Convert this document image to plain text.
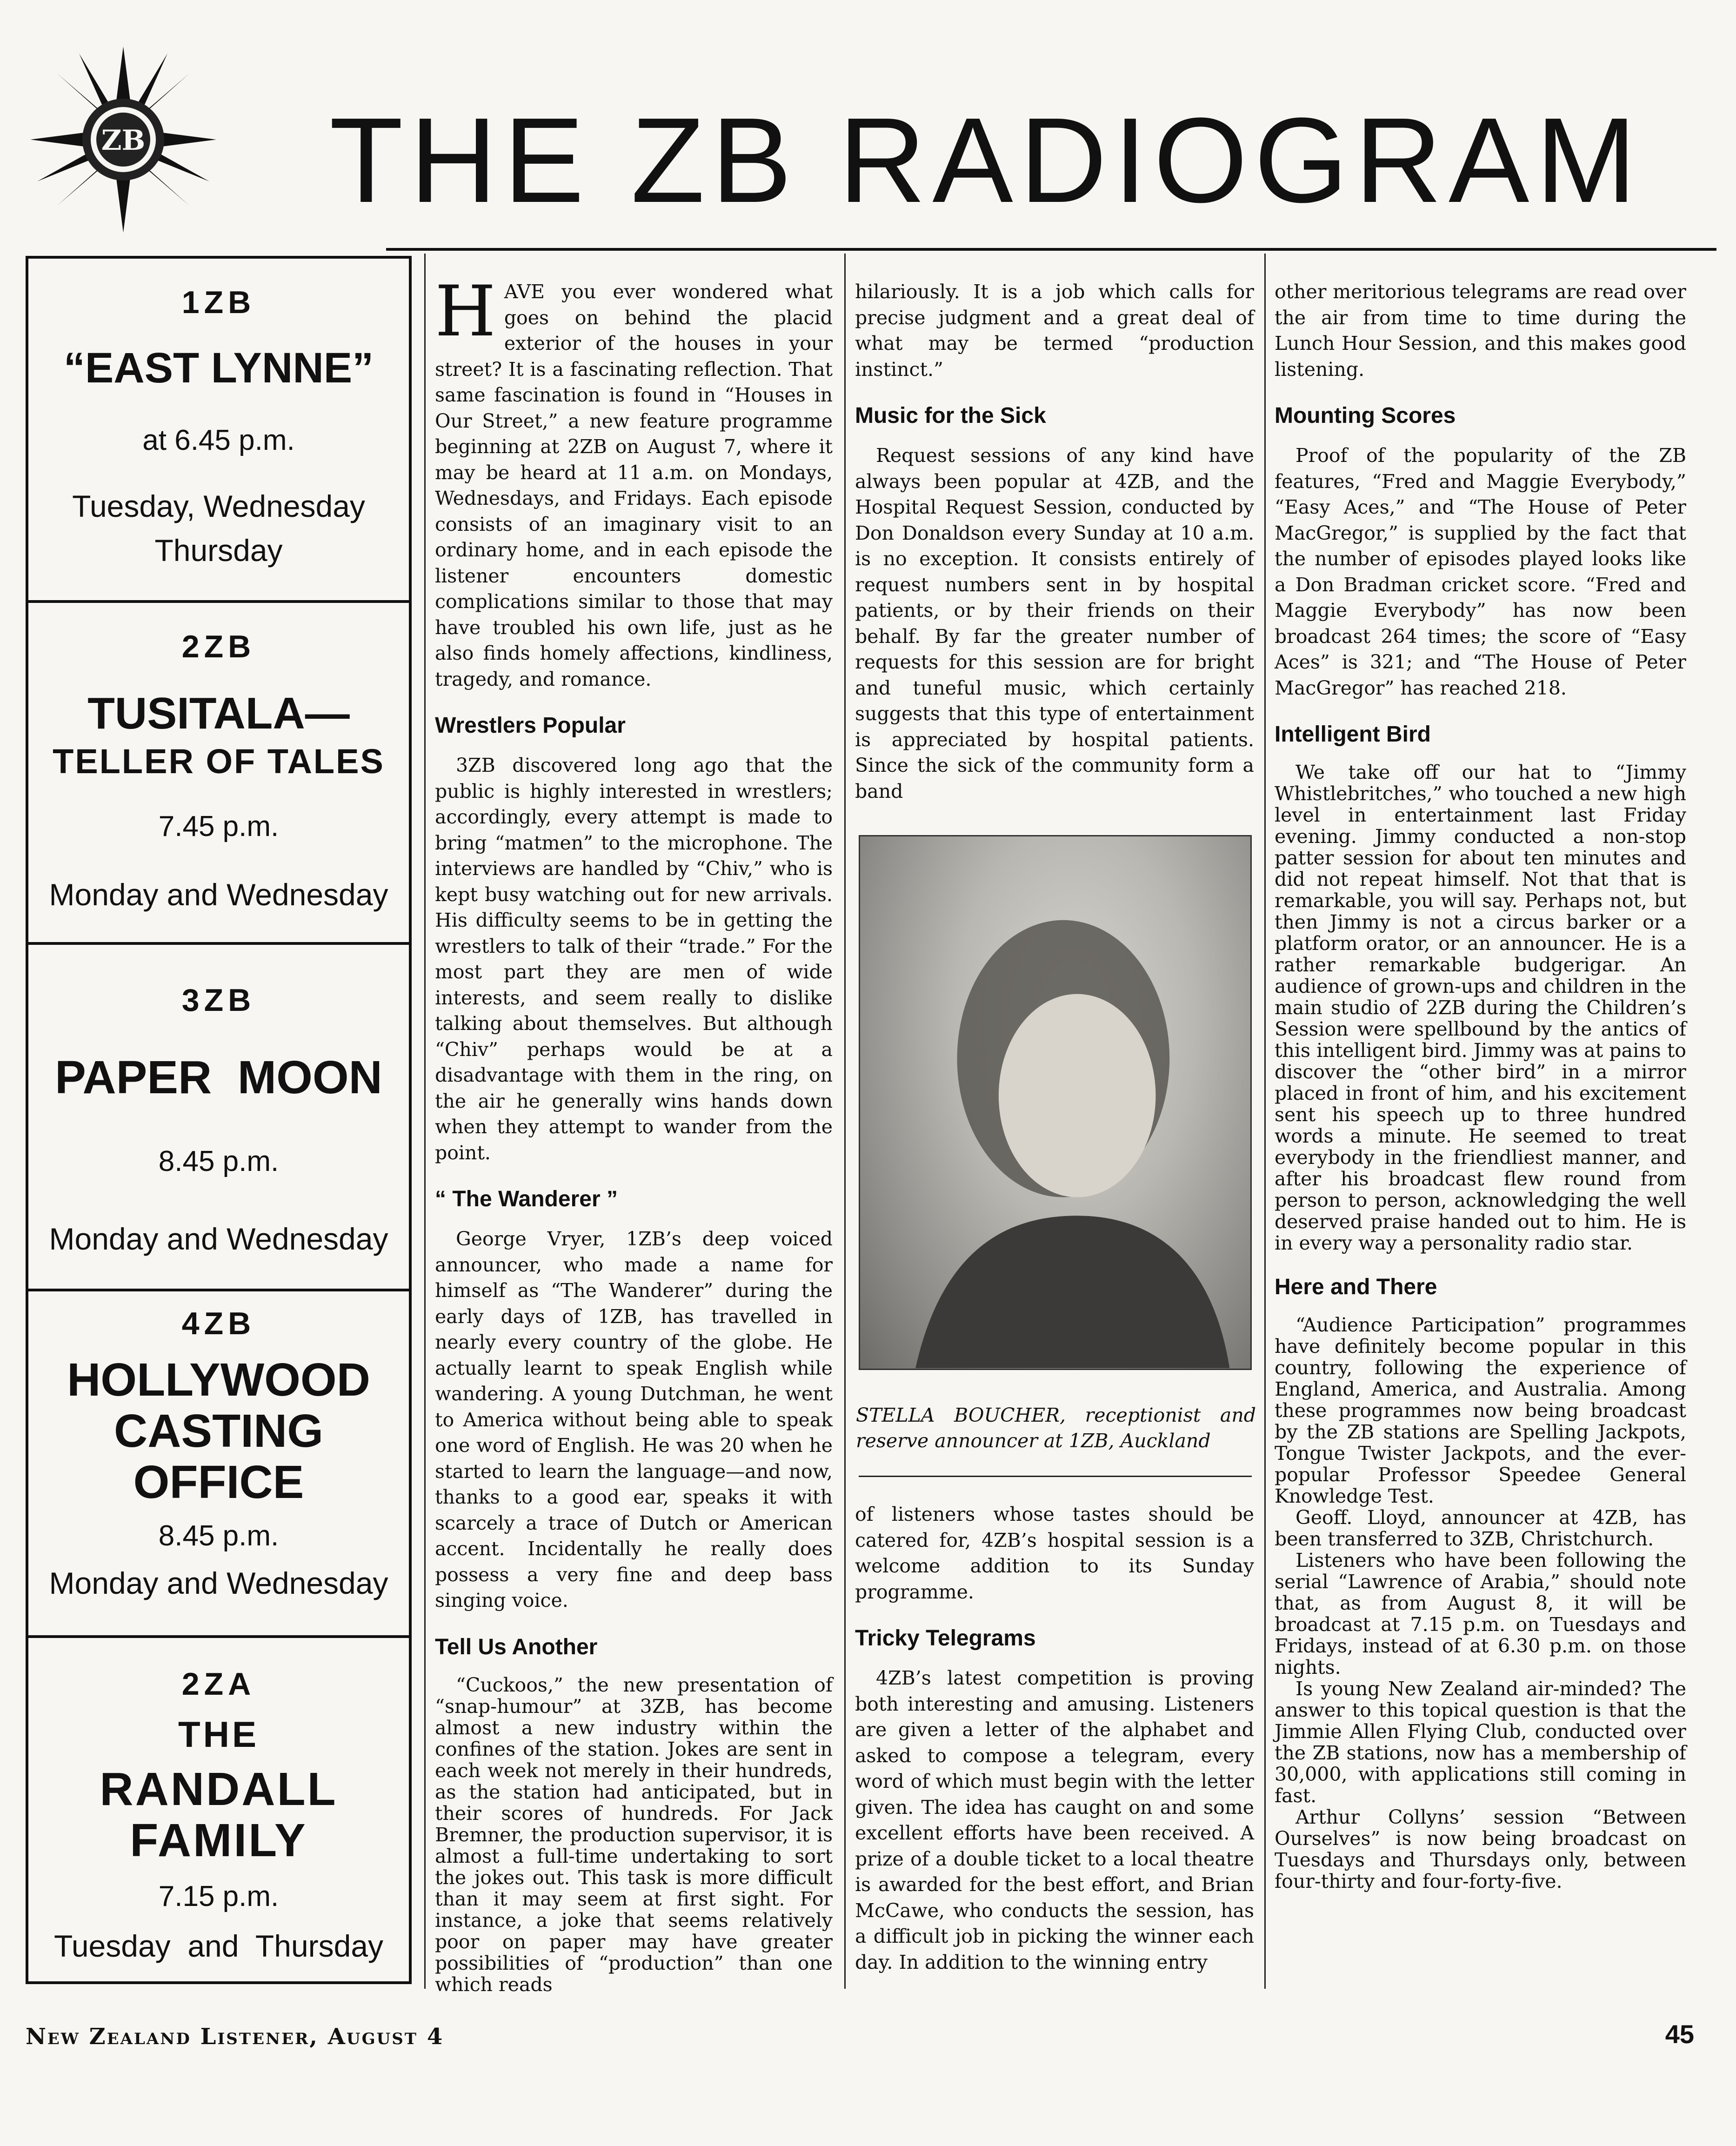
ZB	THE ZB RADIOGRAM
1ZB
“EAST LYNNE”
at 6.45 p.m.
Tuesday, Wednesday
Thursday
2ZB
TUSITALA—
TELLER OF TALES
7.45 p.m.
Monday and Wednesday
3ZB
PAPER  MOON
8.45 p.m.
Monday and Wednesday
4ZB
HOLLYWOOD
CASTING
OFFICE
8.45 p.m.
Monday and Wednesday
2ZA
THE
RANDALL
FAMILY
7.15 p.m.
Tuesday  and  Thursday

HAVE you ever wondered what goes on behind the placid exterior of the houses in your street? It is a fascinating reflection. That same fascination is found in “Houses in Our Street,” a new feature programme beginning at 2ZB on August 7, where it may be heard at 11 a.m. on Mondays, Wednesdays, and Fridays. Each episode consists of an imaginary visit to an ordinary home, and in each episode the listener encounters domestic complications similar to those that may have troubled his own life, just as he also finds homely affections, kindliness, tragedy, and romance.

Wrestlers Popular

3ZB discovered long ago that the public is highly interested in wrestlers; accordingly, every attempt is made to bring “matmen” to the microphone. The interviews are handled by “Chiv,” who is kept busy watching out for new arrivals. His difficulty seems to be in getting the wrestlers to talk of their “trade.” For the most part they are men of wide interests, and seem really to dislike talking about themselves. But although “Chiv” perhaps would be at a disadvantage with them in the ring, on the air he generally wins hands down when they attempt to wander from the point.

“ The Wanderer ”

George Vryer, 1ZB’s deep voiced announcer, who made a name for himself as “The Wanderer” during the early days of 1ZB, has travelled in nearly every country of the globe. He actually learnt to speak English while wandering. A young Dutchman, he went to America without being able to speak one word of English. He was 20 when he started to learn the language—and now, thanks to a good ear, speaks it with scarcely a trace of Dutch or American accent. Incidentally he really does possess a very fine and deep bass singing voice.

Tell Us Another

“Cuckoos,” the new presentation of “snap-humour” at 3ZB, has become almost a new industry within the confines of the station. Jokes are sent in each week not merely in their hundreds, as the station had anticipated, but in their scores of hundreds. For Jack Bremner, the production supervisor, it is almost a full-time undertaking to sort the jokes out. This task is more difficult than it may seem at first sight. For instance, a joke that seems relatively poor on paper may have greater possibilities of “production” than one which reads

hilariously. It is a job which calls for precise judgment and a great deal of what may be termed “production instinct.”

Music for the Sick

Request sessions of any kind have always been popular at 4ZB, and the Hospital Request Session, conducted by Don Donaldson every Sunday at 10 a.m. is no exception. It consists entirely of request numbers sent in by hospital patients, or by their friends on their behalf. By far the greater number of requests for this session are for bright and tuneful music, which certainly suggests that this type of entertainment is appreciated by hospital patients. Since the sick of the community form a band

STELLA BOUCHER, receptionist and reserve announcer at 1ZB, Auckland

of listeners whose tastes should be catered for, 4ZB’s hospital session is a welcome addition to its Sunday programme.

Tricky Telegrams

4ZB’s latest competition is proving both interesting and amusing. Listeners are given a letter of the alphabet and asked to compose a telegram, every word of which must begin with the letter given. The idea has caught on and some excellent efforts have been received. A prize of a double ticket to a local theatre is awarded for the best effort, and Brian McCawe, who conducts the session, has a difficult job in picking the winner each day. In addition to the winning entry

other meritorious telegrams are read over the air from time to time during the Lunch Hour Session, and this makes good listening.

Mounting Scores

Proof of the popularity of the ZB features, “Fred and Maggie Everybody,” “Easy Aces,” and “The House of Peter MacGregor,” is supplied by the fact that the number of episodes played looks like a Don Bradman cricket score. “Fred and Maggie Everybody” has now been broadcast 264 times; the score of “Easy Aces” is 321; and “The House of Peter MacGregor” has reached 218.

Intelligent Bird

We take off our hat to “Jimmy Whistlebritches,” who touched a new high level in entertainment last Friday evening. Jimmy conducted a non-stop patter session for about ten minutes and did not repeat himself. Not that that is remarkable, you will say. Perhaps not, but then Jimmy is not a circus barker or a platform orator, or an announcer. He is a rather remarkable budgerigar. An audience of grown-ups and children in the main studio of 2ZB during the Children’s Session were spellbound by the antics of this intelligent bird. Jimmy was at pains to discover the “other bird” in a mirror placed in front of him, and his excitement sent his speech up to three hundred words a minute. He seemed to treat everybody in the friendliest manner, and after his broadcast flew round from person to person, acknowledging the well deserved praise handed out to him. He is in every way a personality radio star.

Here and There

“Audience Participation” programmes have definitely become popular in this country, following the experience of England, America, and Australia. Among these programmes now being broadcast by the ZB stations are Spelling Jackpots, Tongue Twister Jackpots, and the ever-popular Professor Speedee General Knowledge Test.

Geoff. Lloyd, announcer at 4ZB, has been transferred to 3ZB, Christchurch.

Listeners who have been following the serial “Lawrence of Arabia,” should note that, as from August 8, it will be broadcast at 7.15 p.m. on Tuesdays and Fridays, instead of at 6.30 p.m. on those nights.

Is young New Zealand air-minded? The answer to this topical question is that the Jimmie Allen Flying Club, conducted over the ZB stations, now has a membership of 30,000, with applications still coming in fast.

Arthur Collyns’ session “Between Ourselves” is now being broadcast on Tuesdays and Thursdays only, between four-thirty and four-forty-five.

New Zealand Listener, August 4	45
